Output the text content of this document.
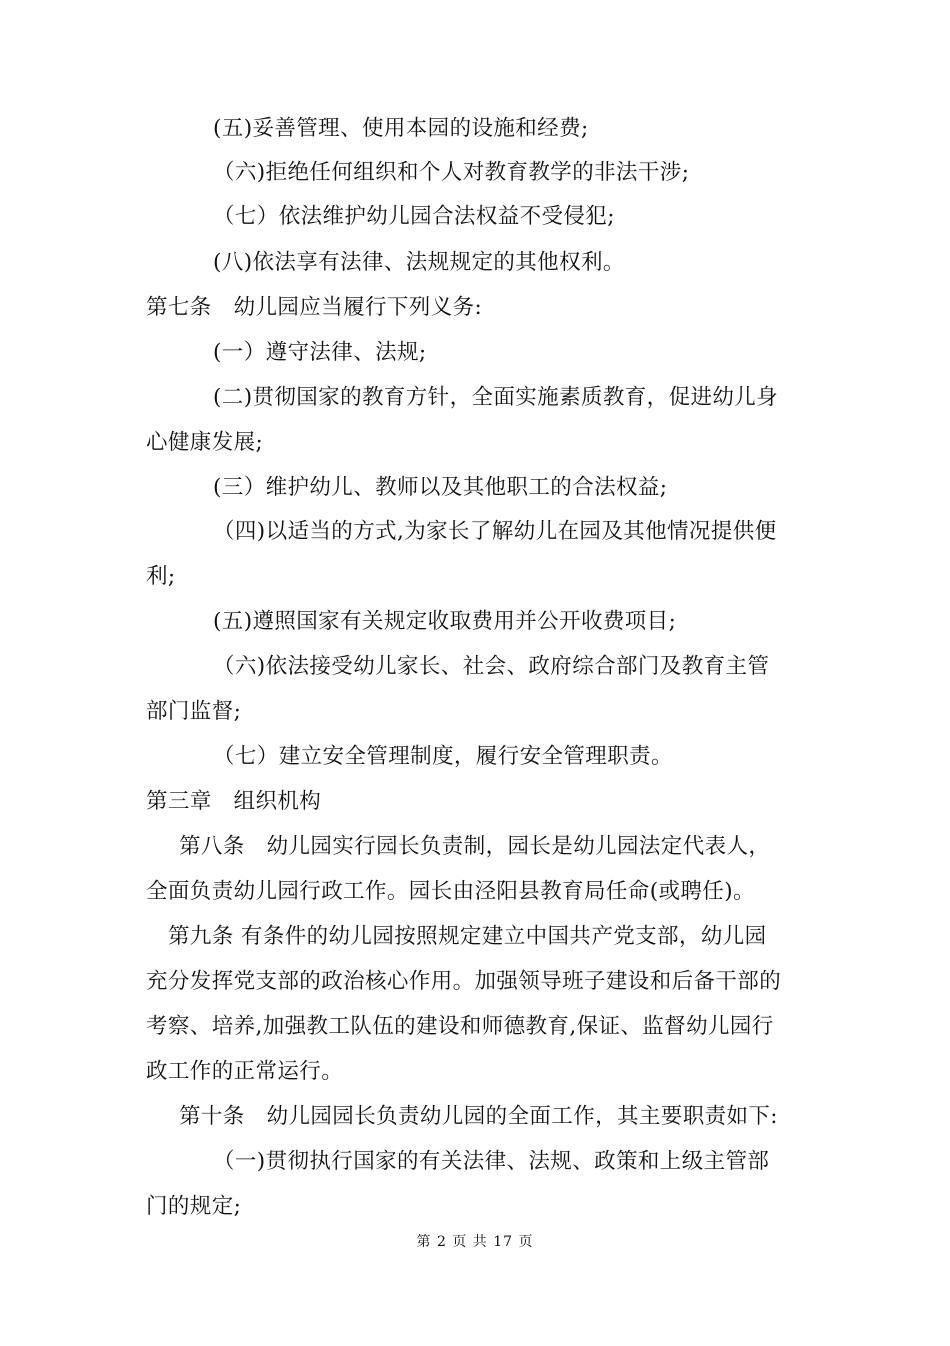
(五)妥善管理、使用本园的设施和经费;
（六)拒绝任何组织和个人对教育教学的非法干涉;
（七）依法维护幼儿园合法权益不受侵犯;
(八)依法享有法律、法规规定的其他权利。
第七条　幼儿园应当履行下列义务:
(一）遵守法律、法规;
(二)贯彻国家的教育方针，全面实施素质教育，促进幼儿身
心健康发展;
(三）维护幼儿、教师以及其他职工的合法权益;
（四)以适当的方式,为家长了解幼儿在园及其他情况提供便
利;
(五)遵照国家有关规定收取费用并公开收费项目;
（六)依法接受幼儿家长、社会、政府综合部门及教育主管
部门监督;
（七）建立安全管理制度，履行安全管理职责。
第三章　组织机构
第八条　幼儿园实行园长负责制，园长是幼儿园法定代表人，
全面负责幼儿园行政工作。园长由泾阳县教育局任命(或聘任)。
第九条 有条件的幼儿园按照规定建立中国共产党支部，幼儿园
充分发挥党支部的政治核心作用。加强领导班子建设和后备干部的
考察、培养,加强教工队伍的建设和师德教育,保证、监督幼儿园行
政工作的正常运行。
第十条　幼儿园园长负责幼儿园的全面工作，其主要职责如下:
（一)贯彻执行国家的有关法律、法规、政策和上级主管部
门的规定;
第 2 页 共 17 页
